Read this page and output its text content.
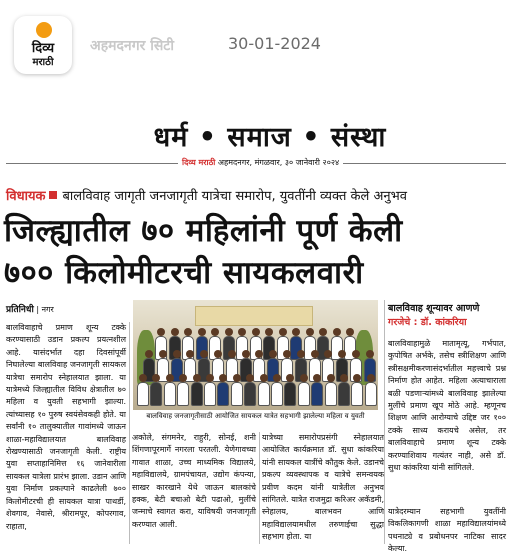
दिव्य
मराठी
अहमदनगर सिटी	30-01-2024
धर्म • समाज • संस्था
दिव्य मराठी अहमदनगर, मंगळवार, ३० जानेवारी २०२४
विधायक बालविवाह जागृती जनजागृती यात्रेचा समारोप, युवतींनी व्यक्त केले अनुभव
जिल्ह्यातील ७० महिलांनी पूर्ण केली
७०० किलोमीटरची सायकलवारी
प्रतिनिधी | नगर
बालविवाह जनजागृतीसाठी आयोजित सायकल यात्रेत सहभागी झालेल्या महिला व युवती
बालविवाह शून्यावर आणणे
गरजेचे : डॉ. कांकरिया
बालविवाहाचे प्रमाण शून्य टक्के करण्यासाठी उडान प्रकल्प प्रयत्नशील आहे. यासंदर्भात दहा दिवसांपूर्वी निघालेल्या बालविवाह जनजागृती सायकल यात्रेचा समारोप स्नेहालयात झाला. या यात्रेमध्ये जिल्ह्यातील विविध क्षेत्रातील ७० महिला व युवती सहभागी झाल्या. त्यांच्यासह १० पुरुष स्वयंसेवकही होते. या सर्वांनी १० तालुक्यातील गावांमध्ये जाऊन शाळा-महाविद्यालयात बालविवाह रोखण्यासाठी जनजागृती केली. राष्ट्रीय युवा सप्ताहानिमित्त १६ जानेवारीला सायकल यात्रेला प्रारंभ झाला. उडान आणि युवा निर्माण प्रकल्पाने काढलेली ७०० किलोमीटरची ही सायकल यात्रा पाथर्डी, शेवगाव, नेवासे, श्रीरामपूर, कोपरगाव, राहाता,
अकोले, संगमनेर, राहुरी, सोनई, शनी शिंगणापूरमार्गे नगरला परतली. येणेगावच्या गावात शाळा, उच्च माध्यमिक विद्यालये, महाविद्यालये, ग्रामपंचायत, उद्योग कंपन्या, साखर कारखाने येथे जाऊन बालकांचे हक्क, बेटी बचाओ बेटी पढाओ, मुलींचे जन्माचे स्वागत करा, याविषयी जनजागृती करण्यात आली.
यात्रेच्या समारोपप्रसंगी स्नेहालयात आयोजित कार्यक्रमात डॉ. सुधा कांकरिया यांनी सायकल यात्रींचे कौतुक केले. उडानचे प्रकल्प व्यवस्थापक व यात्रेचे समन्वयक प्रवीण कदम यांनी यात्रेतील अनुभव सांगितले. यात्रेत राजमुद्रा करिअर अकॅडमी, स्नेहालय, बालभवन आणि महाविद्यालयामधील तरुणाईचा सुद्धा सहभाग होता. या
बालविवाहामुळे मातामृत्यू, गर्भपात, कुपोषित अर्भके, तसेच स्त्रीशिक्षण आणि स्त्रीसक्षमीकरणासंदर्भातील महत्त्वाचे प्रश्न निर्माण होत आहेत. महिला अत्याचाराला बळी पडणाऱ्यांमध्ये बालविवाह झालेल्या मुलींचे प्रमाण खूप मोठे आहे. म्हणूनच शिक्षण आणि आरोग्याचे उद्दिष्ट जर १०० टक्के साध्य करायचे असेल, तर बालविवाहाचे प्रमाण शून्य टक्के करण्याशिवाय गत्यंतर नाही, असे डॉ. सुधा कांकरिया यांनी सांगितले.
यात्रेदरम्यान सहभागी युवतींनी विकलिकागणी शाळा महाविद्यालयांमध्ये पथनाट्ये व प्रबोधनपर नाटिका सादर केल्या.
